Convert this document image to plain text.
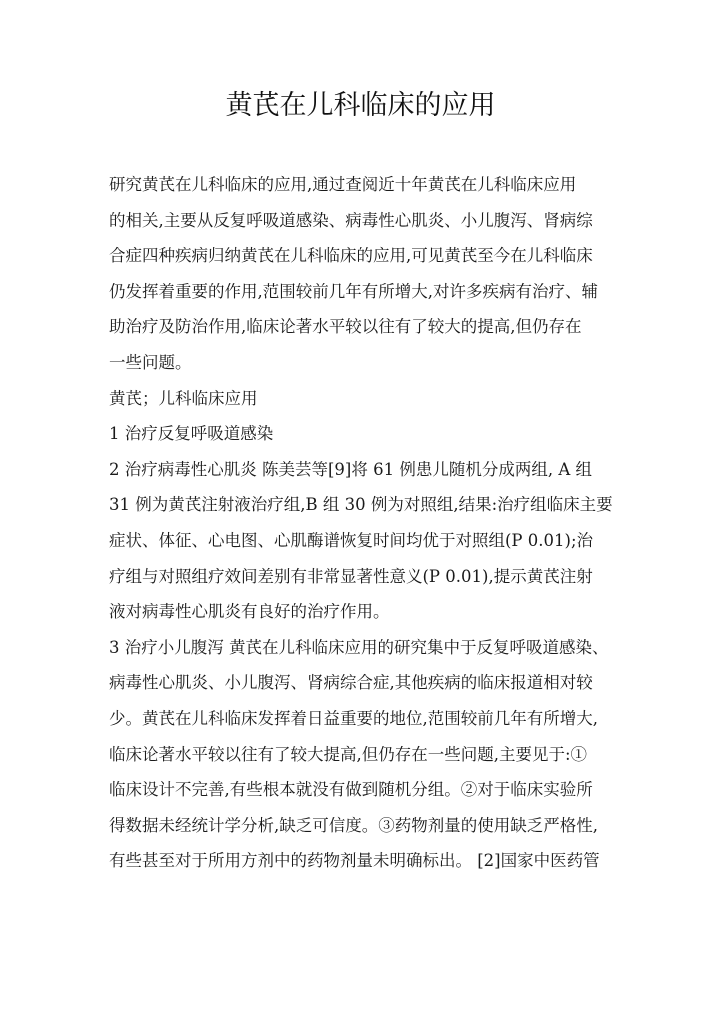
黄芪在儿科临床的应用
研究黄芪在儿科临床的应用,通过查阅近十年黄芪在儿科临床应用
的相关,主要从反复呼吸道感染、病毒性心肌炎、小儿腹泻、肾病综
合症四种疾病归纳黄芪在儿科临床的应用,可见黄芪至今在儿科临床
仍发挥着重要的作用,范围较前几年有所增大,对许多疾病有治疗、辅
助治疗及防治作用,临床论著水平较以往有了较大的提高,但仍存在
一些问题。
黄芪；儿科临床应用
1 治疗反复呼吸道感染
2 治疗病毒性心肌炎 陈美芸等[9]将 61 例患儿随机分成两组, A 组
31 例为黄芪注射液治疗组,B 组 30 例为对照组,结果:治疗组临床主要
症状、体征、心电图、心肌酶谱恢复时间均优于对照组(P 0.01);治
疗组与对照组疗效间差别有非常显著性意义(P 0.01),提示黄芪注射
液对病毒性心肌炎有良好的治疗作用。
3 治疗小儿腹泻 黄芪在儿科临床应用的研究集中于反复呼吸道感染、
病毒性心肌炎、小儿腹泻、肾病综合症,其他疾病的临床报道相对较
少。黄芪在儿科临床发挥着日益重要的地位,范围较前几年有所增大,
临床论著水平较以往有了较大提高,但仍存在一些问题,主要见于:①
临床设计不完善,有些根本就没有做到随机分组。②对于临床实验所
得数据未经统计学分析,缺乏可信度。③药物剂量的使用缺乏严格性,
有些甚至对于所用方剂中的药物剂量未明确标出。 [2]国家中医药管
